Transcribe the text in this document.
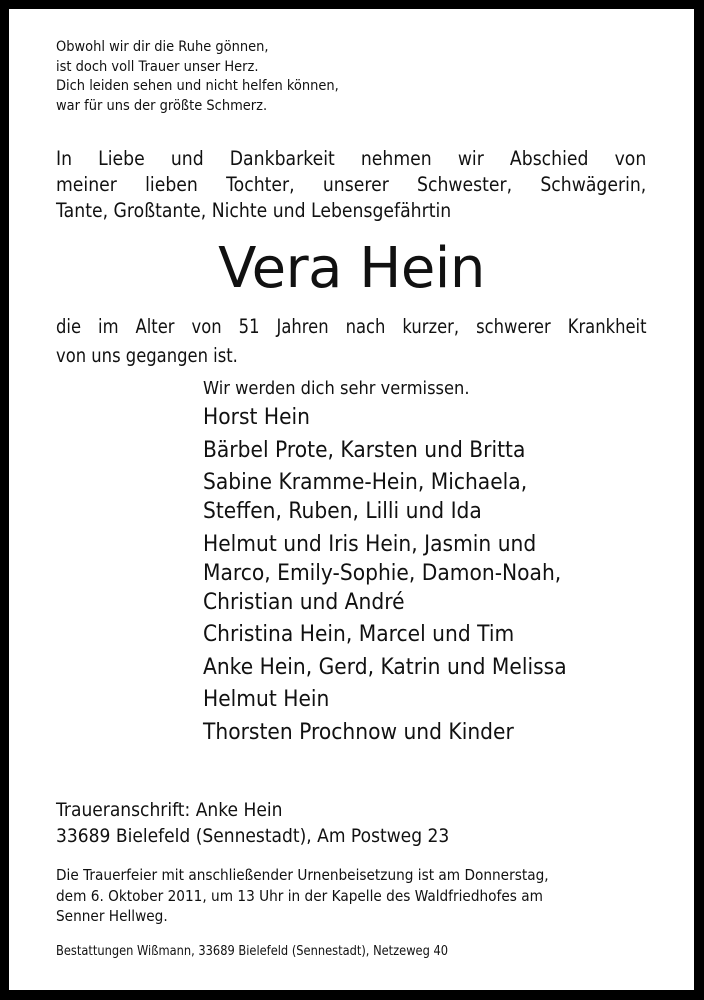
Obwohl wir dir die Ruhe gönnen,
ist doch voll Trauer unser Herz.
Dich leiden sehen und nicht helfen können,
war für uns der größte Schmerz.
In Liebe und Dankbarkeit nehmen wir Abschied von
meiner lieben Tochter, unserer Schwester, Schwägerin,
Tante, Großtante, Nichte und Lebensgefährtin
Vera Hein
die im Alter von 51 Jahren nach kurzer, schwerer Krankheit
von uns gegangen ist.
Wir werden dich sehr vermissen.
Horst Hein
Bärbel Prote, Karsten und Britta
Sabine Kramme-Hein, Michaela,
Steffen, Ruben, Lilli und Ida
Helmut und Iris Hein, Jasmin und
Marco, Emily-Sophie, Damon-Noah,
Christian und André
Christina Hein, Marcel und Tim
Anke Hein, Gerd, Katrin und Melissa
Helmut Hein
Thorsten Prochnow und Kinder
Traueranschrift: Anke Hein
33689 Bielefeld (Sennestadt), Am Postweg 23
Die Trauerfeier mit anschließender Urnenbeisetzung ist am Donnerstag,
dem 6. Oktober 2011, um 13 Uhr in der Kapelle des Waldfriedhofes am
Senner Hellweg.
Bestattungen Wißmann, 33689 Bielefeld (Sennestadt), Netzeweg 40
